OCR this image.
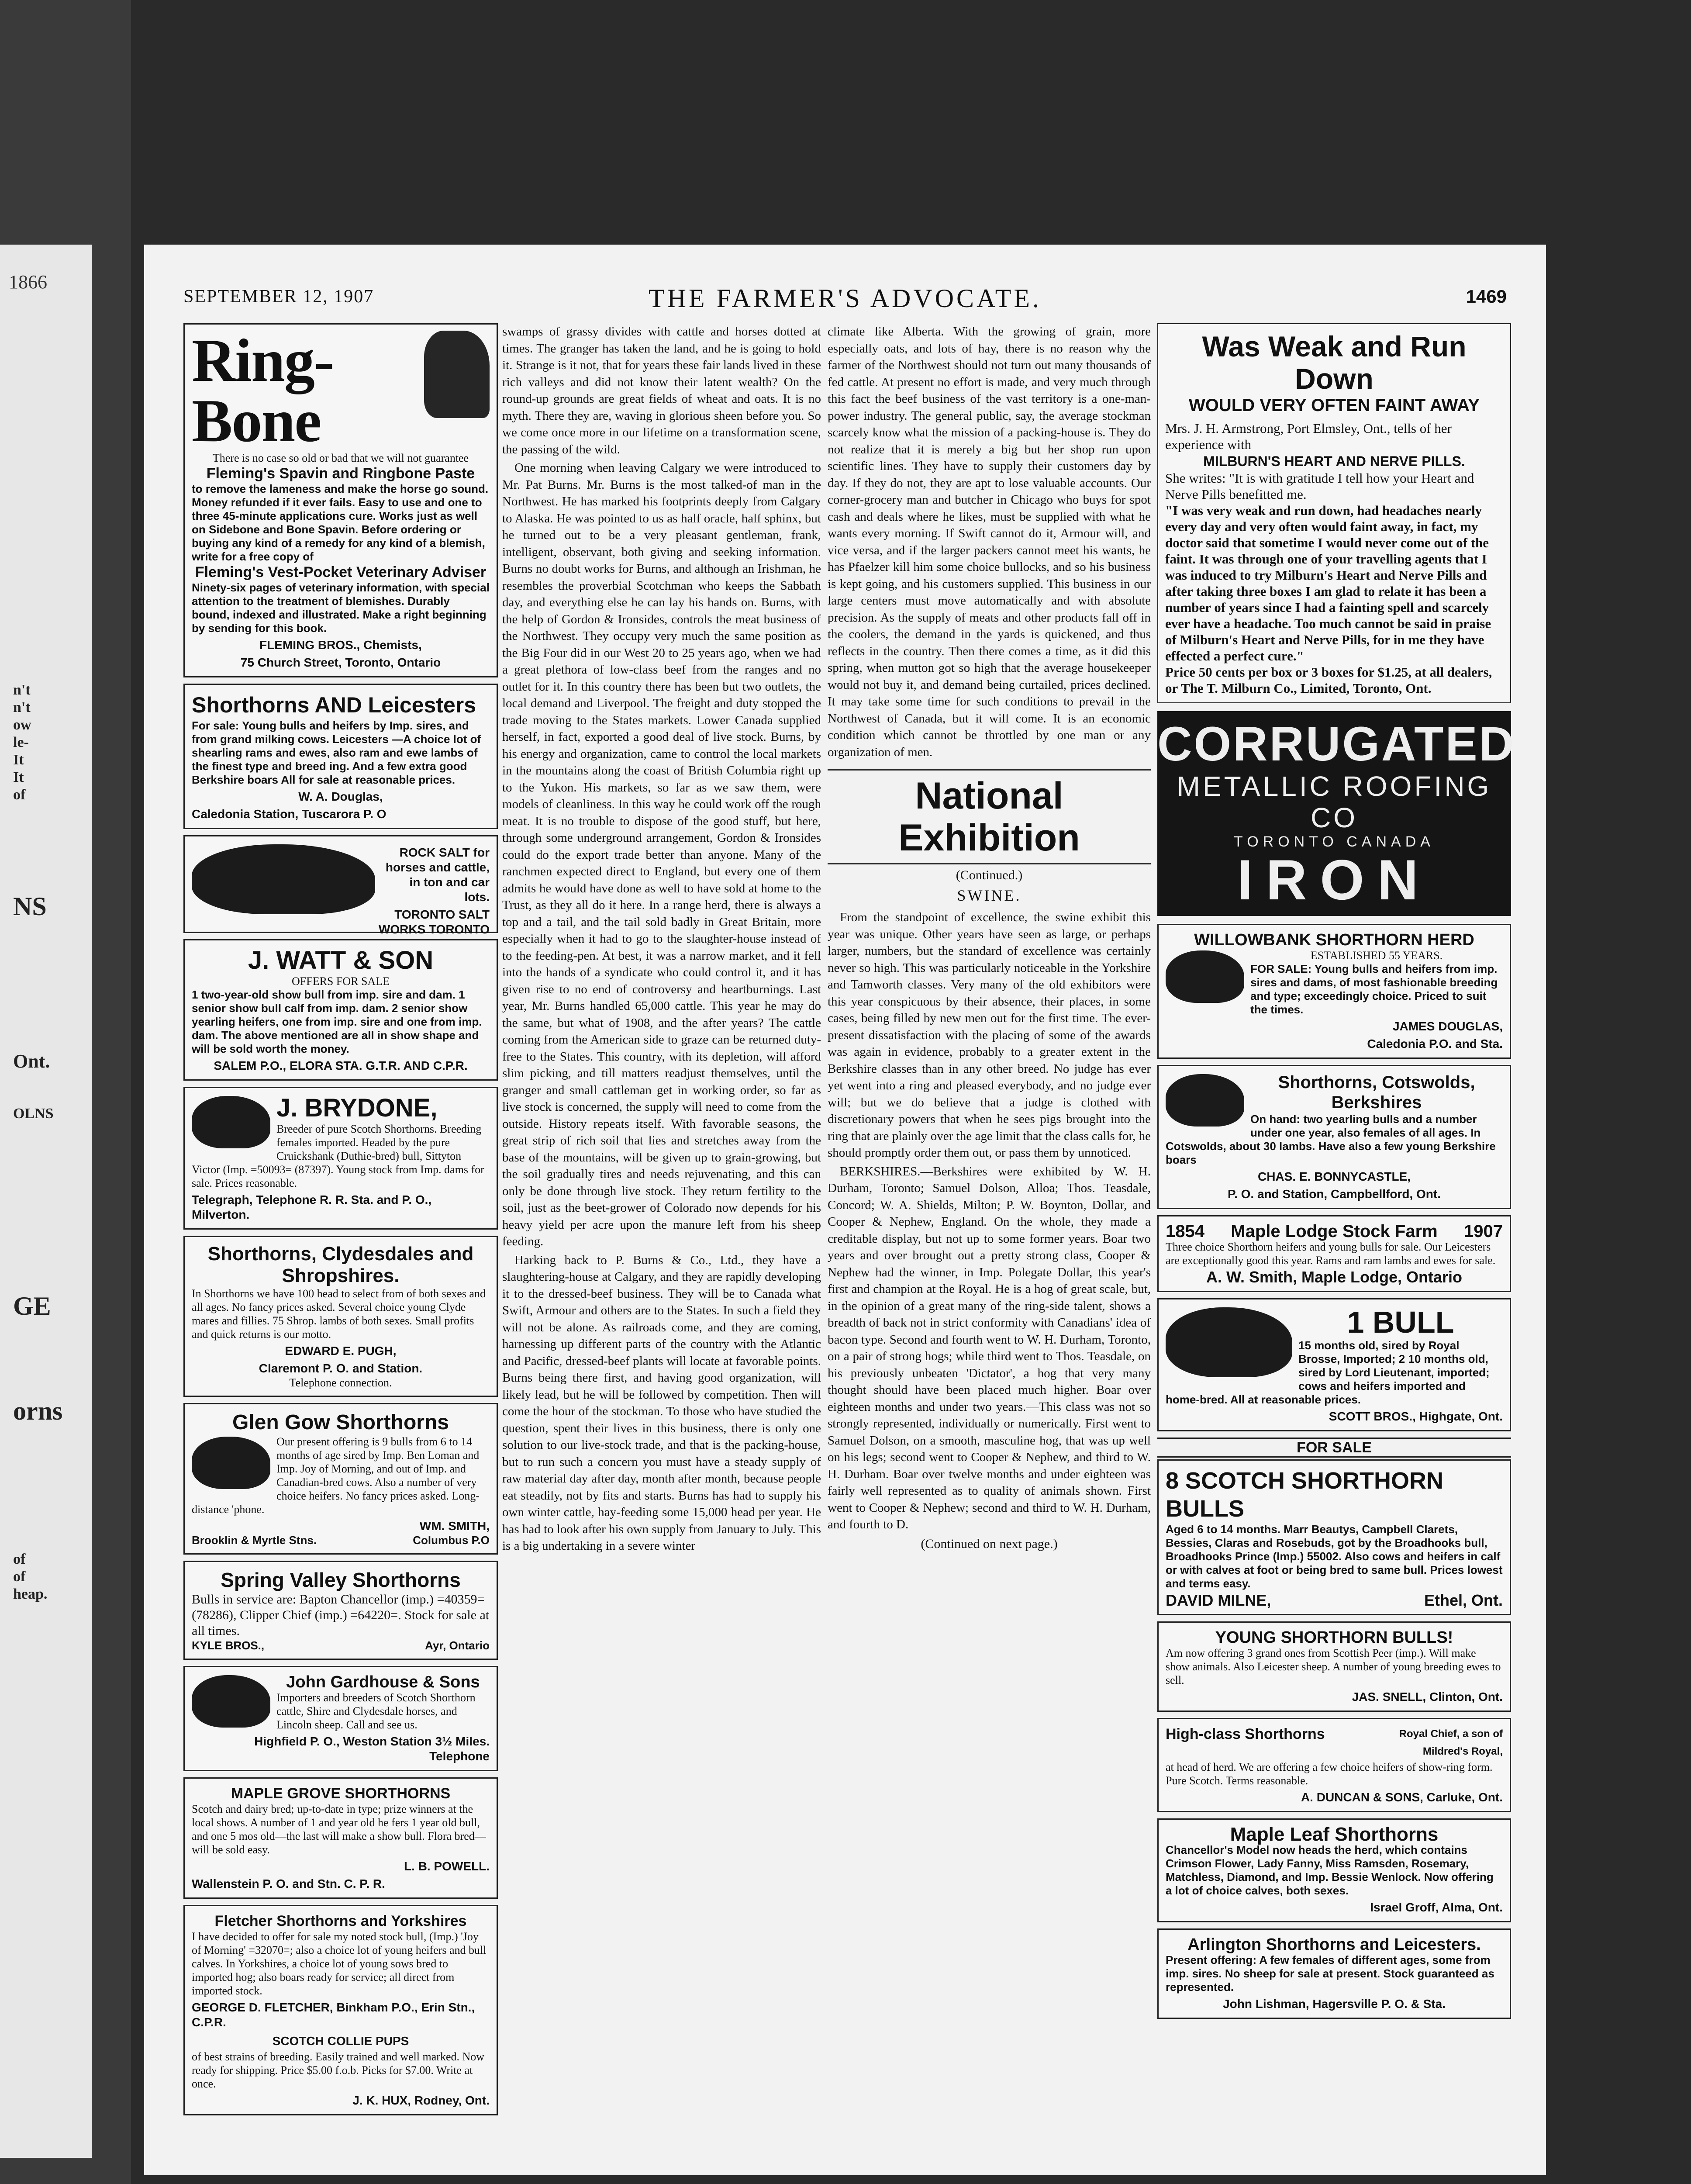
1866
n't
n't
ow
le-
It
It
of
NS
Ont.
OLNS
GE
orns
of
of
heap.
SEPTEMBER 12, 1907	THE FARMER'S ADVOCATE.	1469
Ring-
Bone
There is no case so old or bad that we will not guarantee
Fleming's Spavin and Ringbone Paste
to remove the lameness and make the horse go sound. Money refunded if it ever fails. Easy to use and one to three 45-minute applications cure. Works just as well on Sidebone and Bone Spavin. Before ordering or buying any kind of a remedy for any kind of a blemish, write for a free copy of
Fleming's Vest-Pocket Veterinary Adviser
Ninety-six pages of veterinary information, with special attention to the treatment of blemishes. Durably bound, indexed and illustrated. Make a right beginning by sending for this book.
FLEMING BROS., Chemists,
75 Church Street, Toronto, Ontario
Shorthorns AND Leicesters
For sale: Young bulls and heifers by Imp. sires, and from grand milking cows. Leicesters —A choice lot of shearling rams and ewes, also ram and ewe lambs of the finest type and breed ing. And a few extra good Berkshire boars All for sale at reasonable prices.
W. A. Douglas,
Caledonia Station, Tuscarora P. O
ROCK SALT for horses and cattle, in ton and car lots.
TORONTO SALT WORKS TORONTO
J. WATT & SON
OFFERS FOR SALE
1 two-year-old show bull from imp. sire and dam. 1 senior show bull calf from imp. dam. 2 senior show yearling heifers, one from imp. sire and one from imp. dam. The above mentioned are all in show shape and will be sold worth the money.
SALEM P.O., ELORA STA. G.T.R. AND C.P.R.
J. BRYDONE,
Breeder of pure Scotch Shorthorns. Breeding females imported. Headed by the pure Cruickshank (Duthie-bred) bull, Sittyton Victor (Imp. =50093= (87397). Young stock from Imp. dams for sale. Prices reasonable.
Telegraph, Telephone R. R. Sta. and P. O., Milverton.
Shorthorns, Clydesdales and Shropshires.
In Shorthorns we have 100 head to select from of both sexes and all ages. No fancy prices asked. Several choice young Clyde mares and fillies. 75 Shrop. lambs of both sexes. Small profits and quick returns is our motto.
EDWARD E. PUGH,
Claremont P. O. and Station.
Telephone connection.
Glen Gow Shorthorns
Our present offering is 9 bulls from 6 to 14 months of age sired by Imp. Ben Loman and Imp. Joy of Morning, and out of Imp. and Canadian-bred cows. Also a number of very choice heifers. No fancy prices asked. Long-distance 'phone.
WM. SMITH,
Brooklin & Myrtle Stns.	Columbus P.O
Spring Valley Shorthorns
Bulls in service are: Bapton Chancellor (imp.) =40359= (78286), Clipper Chief (imp.) =64220=. Stock for sale at all times.
KYLE BROS.,	Ayr, Ontario
John Gardhouse & Sons
Importers and breeders of Scotch Shorthorn cattle, Shire and Clydesdale horses, and Lincoln sheep. Call and see us.
Highfield P. O., Weston Station 3½ Miles. Telephone
MAPLE GROVE SHORTHORNS
Scotch and dairy bred; up-to-date in type; prize winners at the local shows. A number of 1 and year old he fers 1 year old bull, and one 5 mos old—the last will make a show bull. Flora bred—will be sold easy.
L. B. POWELL.
Wallenstein P. O. and Stn. C. P. R.
Fletcher Shorthorns and Yorkshires
I have decided to offer for sale my noted stock bull, (Imp.) 'Joy of Morning' =32070=; also a choice lot of young heifers and bull calves. In Yorkshires, a choice lot of young sows bred to imported hog; also boars ready for service; all direct from imported stock.
GEORGE D. FLETCHER, Binkham P.O., Erin Stn., C.P.R.
SCOTCH COLLIE PUPS
of best strains of breeding. Easily trained and well marked. Now ready for shipping. Price $5.00 f.o.b. Picks for $7.00. Write at once.
J. K. HUX, Rodney, Ont.

swamps of grassy divides with cattle and horses dotted at times. The granger has taken the land, and he is going to hold it. Strange is it not, that for years these fair lands lived in these rich valleys and did not know their latent wealth? On the round-up grounds are great fields of wheat and oats. It is no myth. There they are, waving in glorious sheen before you. So we come once more in our lifetime on a transformation scene, the passing of the wild.

One morning when leaving Calgary we were introduced to Mr. Pat Burns. Mr. Burns is the most talked-of man in the Northwest. He has marked his footprints deeply from Calgary to Alaska. He was pointed to us as half oracle, half sphinx, but he turned out to be a very pleasant gentleman, frank, intelligent, observant, both giving and seeking information. Burns no doubt works for Burns, and although an Irishman, he resembles the proverbial Scotchman who keeps the Sabbath day, and everything else he can lay his hands on. Burns, with the help of Gordon & Ironsides, controls the meat business of the Northwest. They occupy very much the same position as the Big Four did in our West 20 to 25 years ago, when we had a great plethora of low-class beef from the ranges and no outlet for it. In this country there has been but two outlets, the local demand and Liverpool. The freight and duty stopped the trade moving to the States markets. Lower Canada supplied herself, in fact, exported a good deal of live stock. Burns, by his energy and organization, came to control the local markets in the mountains along the coast of British Columbia right up to the Yukon. His markets, so far as we saw them, were models of cleanliness. In this way he could work off the rough meat. It is no trouble to dispose of the good stuff, but here, through some underground arrangement, Gordon & Ironsides could do the export trade better than anyone. Many of the ranchmen expected direct to England, but every one of them admits he would have done as well to have sold at home to the Trust, as they all do it here. In a range herd, there is always a top and a tail, and the tail sold badly in Great Britain, more especially when it had to go to the slaughter-house instead of to the feeding-pen. At best, it was a narrow market, and it fell into the hands of a syndicate who could control it, and it has given rise to no end of controversy and heartburnings. Last year, Mr. Burns handled 65,000 cattle. This year he may do the same, but what of 1908, and the after years? The cattle coming from the American side to graze can be returned duty-free to the States. This country, with its depletion, will afford slim picking, and till matters readjust themselves, until the granger and small cattleman get in working order, so far as live stock is concerned, the supply will need to come from the outside. History repeats itself. With favorable seasons, the great strip of rich soil that lies and stretches away from the base of the mountains, will be given up to grain-growing, but the soil gradually tires and needs rejuvenating, and this can only be done through live stock. They return fertility to the soil, just as the beet-grower of Colorado now depends for his heavy yield per acre upon the manure left from his sheep feeding.

Harking back to P. Burns & Co., Ltd., they have a slaughtering-house at Calgary, and they are rapidly developing it to the dressed-beef business. They will be to Canada what Swift, Armour and others are to the States. In such a field they will not be alone. As railroads come, and they are coming, harnessing up different parts of the country with the Atlantic and Pacific, dressed-beef plants will locate at favorable points. Burns being there first, and having good organization, will likely lead, but he will be followed by competition. Then will come the hour of the stockman. To those who have studied the question, spent their lives in this business, there is only one solution to our live-stock trade, and that is the packing-house, but to run such a concern you must have a steady supply of raw material day after day, month after month, because people eat steadily, not by fits and starts. Burns has had to supply his own winter cattle, hay-feeding some 15,000 head per year. He has had to look after his own supply from January to July. This is a big undertaking in a severe winter

climate like Alberta. With the growing of grain, more especially oats, and lots of hay, there is no reason why the farmer of the Northwest should not turn out many thousands of fed cattle. At present no effort is made, and very much through this fact the beef business of the vast territory is a one-man-power industry. The general public, say, the average stockman scarcely know what the mission of a packing-house is. They do not realize that it is merely a big but her shop run upon scientific lines. They have to supply their customers day by day. If they do not, they are apt to lose valuable accounts. Our corner-grocery man and butcher in Chicago who buys for spot cash and deals where he likes, must be supplied with what he wants every morning. If Swift cannot do it, Armour will, and vice versa, and if the larger packers cannot meet his wants, he has Pfaelzer kill him some choice bullocks, and so his business is kept going, and his customers supplied. This business in our large centers must move automatically and with absolute precision. As the supply of meats and other products fall off in the coolers, the demand in the yards is quickened, and thus reflects in the country. Then there comes a time, as it did this spring, when mutton got so high that the average housekeeper would not buy it, and demand being curtailed, prices declined. It may take some time for such conditions to prevail in the Northwest of Canada, but it will come. It is an economic condition which cannot be throttled by one man or any organization of men.

National Exhibition
(Continued.)
SWINE.

From the standpoint of excellence, the swine exhibit this year was unique. Other years have seen as large, or perhaps larger, numbers, but the standard of excellence was certainly never so high. This was particularly noticeable in the Yorkshire and Tamworth classes. Very many of the old exhibitors were this year conspicuous by their absence, their places, in some cases, being filled by new men out for the first time. The ever-present dissatisfaction with the placing of some of the awards was again in evidence, probably to a greater extent in the Berkshire classes than in any other breed. No judge has ever yet went into a ring and pleased everybody, and no judge ever will; but we do believe that a judge is clothed with discretionary powers that when he sees pigs brought into the ring that are plainly over the age limit that the class calls for, he should promptly order them out, or pass them by unnoticed.

BERKSHIRES.—Berkshires were exhibited by W. H. Durham, Toronto; Samuel Dolson, Alloa; Thos. Teasdale, Concord; W. A. Shields, Milton; P. W. Boynton, Dollar, and Cooper & Nephew, England. On the whole, they made a creditable display, but not up to some former years. Boar two years and over brought out a pretty strong class, Cooper & Nephew had the winner, in Imp. Polegate Dollar, this year's first and champion at the Royal. He is a hog of great scale, but, in the opinion of a great many of the ring-side talent, shows a breadth of back not in strict conformity with Canadians' idea of bacon type. Second and fourth went to W. H. Durham, Toronto, on a pair of strong hogs; while third went to Thos. Teasdale, on his previously unbeaten 'Dictator', a hog that very many thought should have been placed much higher. Boar over eighteen months and under two years.—This class was not so strongly represented, individually or numerically. First went to Samuel Dolson, on a smooth, masculine hog, that was up well on his legs; second went to Cooper & Nephew, and third to W. H. Durham. Boar over twelve months and under eighteen was fairly well represented as to quality of animals shown. First went to Cooper & Nephew; second and third to W. H. Durham, and fourth to D.

(Continued on next page.)
Was Weak and Run Down
WOULD VERY OFTEN FAINT AWAY
Mrs. J. H. Armstrong, Port Elmsley, Ont., tells of her experience with
MILBURN'S HEART AND NERVE PILLS.
She writes: "It is with gratitude I tell how your Heart and Nerve Pills benefitted me.
"I was very weak and run down, had headaches nearly every day and very often would faint away, in fact, my doctor said that sometime I would never come out of the faint. It was through one of your travelling agents that I was induced to try Milburn's Heart and Nerve Pills and after taking three boxes I am glad to relate it has been a number of years since I had a fainting spell and scarcely ever have a headache. Too much cannot be said in praise of Milburn's Heart and Nerve Pills, for in me they have effected a perfect cure."
Price 50 cents per box or 3 boxes for $1.25, at all dealers, or The T. Milburn Co., Limited, Toronto, Ont.
CORRUGATED
METALLIC ROOFING CO
TORONTO CANADA
IRON
WILLOWBANK SHORTHORN HERD
ESTABLISHED 55 YEARS.
FOR SALE: Young bulls and heifers from imp. sires and dams, of most fashionable breeding and type; exceedingly choice. Priced to suit the times.
JAMES DOUGLAS,
Caledonia P.O. and Sta.
Shorthorns, Cotswolds, Berkshires
On hand: two yearling bulls and a number under one year, also females of all ages. In Cotswolds, about 30 lambs. Have also a few young Berkshire boars
CHAS. E. BONNYCASTLE,
P. O. and Station, Campbellford, Ont.
1854 Maple Lodge Stock Farm 1907
Three choice Shorthorn heifers and young bulls for sale. Our Leicesters are exceptionally good this year. Rams and ram lambs and ewes for sale.
A. W. Smith, Maple Lodge, Ontario
1 BULL
15 months old, sired by Royal Brosse, Imported; 2 10 months old, sired by Lord Lieutenant, imported; cows and heifers imported and home-bred. All at reasonable prices.
SCOTT BROS., Highgate, Ont.
FOR SALE
8 SCOTCH SHORTHORN BULLS
Aged 6 to 14 months. Marr Beautys, Campbell Clarets, Bessies, Claras and Rosebuds, got by the Broadhooks bull, Broadhooks Prince (Imp.) 55002. Also cows and heifers in calf or with calves at foot or being bred to same bull. Prices lowest and terms easy.
DAVID MILNE,	Ethel, Ont.
YOUNG SHORTHORN BULLS!
Am now offering 3 grand ones from Scottish Peer (imp.). Will make show animals. Also Leicester sheep. A number of young breeding ewes to sell.
JAS. SNELL, Clinton, Ont.
High-class Shorthorns	Royal Chief, a son of Mildred's Royal,
at head of herd. We are offering a few choice heifers of show-ring form. Pure Scotch. Terms reasonable.
A. DUNCAN & SONS, Carluke, Ont.
Maple Leaf Shorthorns
Chancellor's Model now heads the herd, which contains Crimson Flower, Lady Fanny, Miss Ramsden, Rosemary, Matchless, Diamond, and Imp. Bessie Wenlock. Now offering a lot of choice calves, both sexes.
Israel Groff, Alma, Ont.
Arlington Shorthorns and Leicesters.
Present offering: A few females of different ages, some from imp. sires. No sheep for sale at present. Stock guaranteed as represented.
John Lishman, Hagersville P. O. & Sta.
